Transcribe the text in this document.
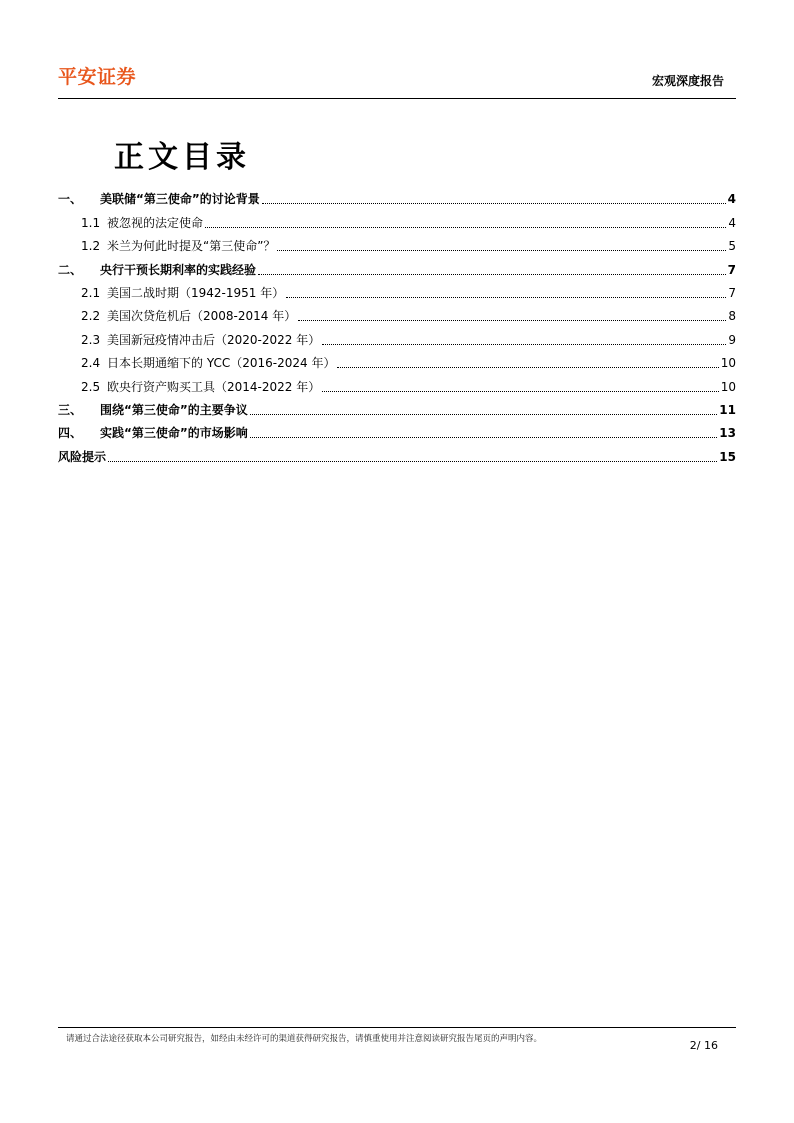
平安证券	宏观深度报告
正文目录
一、	美联储“第三使命”的讨论背景	4
1.1 被忽视的法定使命	4
1.2 米兰为何此时提及“第三使命”？	5
二、	央行干预长期利率的实践经验	7
2.1 美国二战时期（1942-1951 年）	7
2.2 美国次贷危机后（2008-2014 年）	8
2.3 美国新冠疫情冲击后（2020-2022 年）	9
2.4 日本长期通缩下的 YCC（2016-2024 年）	10
2.5 欧央行资产购买工具（2014-2022 年）	10
三、	围绕“第三使命”的主要争议	11
四、	实践“第三使命”的市场影响	13
风险提示	15
请通过合法途径获取本公司研究报告，如经由未经许可的渠道获得研究报告，请慎重使用并注意阅读研究报告尾页的声明内容。	2/ 16
